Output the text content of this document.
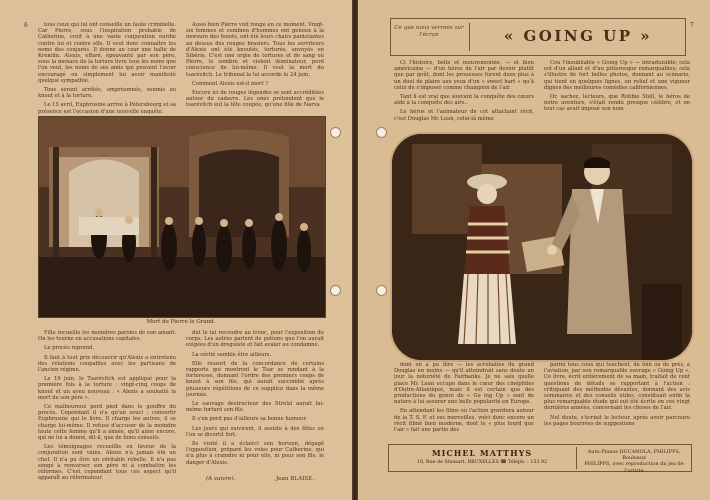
6	tous ceux qui lui ont conseillé un faute criminelle. Car Pierre, sous l'inspiration probable de Catherine, croit à une vaste conjuration ourdie contre lui et contre elle. Il veut donc connaître les noms des conjurés. Il donne au czar une halte de Kremlin. Alexis, effaré, épouvanté par son père, sous la menace de la torture livre tous les noms que l'on veut, les noms de ses amis qui peuvent l'avoir encouragé ou simplement lui avoir manifesté quelque sympathie.

Tous seront arrêtés, emprisonnés, soumis au knout et à la torture.

Le 15 avril, Euphrosine arrive à Pétersbourg et sa présence est l'occasion d'une nouvelle enquête.

Aussi bien Pierre voit rouge en ce moment. Vingt-six femmes et combien d'hommes ont genoux à la morsure des fouets, ont été leurs chairs pantelantes au dessus des rouges brasiers. Tous les serviteurs d'Alexis ont été knoutés, torturés, envoyés en Sibérie. C'est une orgie de tortures et de sang où Pierre, le sombre et violent dominateur, perd conscience de lui-même. Il veut la mort du tsarévitch. Le tribunal la lui accorde le 24 juin.

Comment Alexis est-il mort ?

Encore ici de rouges légendes se sont accréditées autour du cadavre. Les unes prétendent que le tsarévitch eut la tête coupée, qu'une fille de Narva

Mort de Pierre le Grand.

Fille recueille les moindres paroles de son amant. On les tourne en accusations capitales.

Le procès reprend.

Il faut à tout prix découvrir qu'Alexis a entretenu des relations coupables avec les partisans de l'ancien régime.

Le 19 juin, le Tsarévitch est appliqué pour la première fois à la torture : vingt-cinq coups de knout et un aveu nouveau : « Alexis a souhaité la mort de son père ».

Ce malheureux perd pied dans le gouffre du procès. Cependant il n'a qu'un souci : convertir Euphrosine qui le livre. Il charge les autres, il se charge lui-même. Il refuse d'accuser de la moindre faute cette femme qu'il a aimée, qu'il aime encore, qui ne lui a donné, dit-il, que de bons conseils.

Les témoignages recueillis en faveur de la conjuration sont vains. Alexis n'a jamais été un chef. Il n'a pu être un véritable rebelle. Il n'a pas songé à renverser son père ni à combattre les réformes. C'est cependant tous ces aspect qu'il apparaît au réformateur.

dut le lui recoudre au tronc, pour l'exposition du corps. Les autres parlent de potions que l'on aurait exigées d'un droguiste et fait avaler au condamné.

La vérité semble être ailleurs.

Elle ressort de la concordance de certains rapports qui montrent le Tsar se rendant à la forteresse, donnant l'ordre des premiers coups de knout à son fils, qui aurait succombé après plusieurs répétitions de ce supplice dans la même journée.

Le sauvage destructeur des Strelzi aurait lui-même torturé son fils.

Il s'en perd pas d'ailleurs sa bonne humeur.

Les jours qui suivirent, il assiste à des fêtes où l'on se divertit fort.

Ils visité il a éclairci son horizon, dégagé l'opposition, préparé les voies pour Catherine, qui n'a plus à craindre ni pour elle, ni pour son fils, le danger d'Alexis.

(A suivre).	Jean BLAISE.
7
Ce que nous verrons sur l'écran	« GOING UP »

Ci l'histoire, belle et mouvementée, — et bien américaine — d'un héros de l'air par devoir plutôt que par goût, dont les prouesses furent dues plus à un duel de plaire aux yeux d'un « sweet hart » qu'à celui de s'imposer comme champion de l'air.

Tant il est vrai que souvent la conquête des cœurs aide à la conquête des airs..

Le héros et l'animateur de cet attachant récit, c'est Douglas Mc Lean, celui-là même

Cou l'inoubliable « Going Up » — intraduisible; cela est d'un allant et d'un pittoresque remarquables; cela s'illustre de fort belles photos, donnant au scénario, qui tient en quelques lignes, un relief et une vigueur dignes des meilleures comédies californiennes.

Or, sachez, lecteurs, que Robbie Stell, le héros de notre aventure, s'était rendu presque célèbre, et en tout cas avait imposé son nom

dont on a pu dire — les acrobaties du grand Douglas en moins — qu'il atteindrait sans doute un jour la notoriété de Fairbanks. Je ne sais quelle place Mc Lean occupe dans le cœur des cinéphiles d'Outre-Atlantique, mais il est certain que des productions du genre de « Go ing Up » sont de nature à lui assurer une belle popularité en Europe.

En attendant les films où l'action gravitera autour de la T. S. F. et ses merveilles, voici donc encore un récit filmé bien moderne, dont le « plus lourd que l'air » fait une partie des

parmi tous ceux qui touchent, de loin ou de près, à l'aviation, par son remarquable ouvrage « Going Up ». Ce livre, écrit entièrement de sa main, traitait de cent questions de détails se rapportant à l'action : critiquant des méthodes désuètes, donnant des avis sommaires et des conseils utiles, constituait enfin la plus remarquable étude qui eut été écrite en ces vingt dernières années, concernant les choses de l'air.

Nul doute, s'écriait le lecteur, après avoir parcouru les pages bourrées de suggestions

MICHEL MATTHYS
18, Rue de Stassart, BRUXELLES ☎ Téléph. : 153.92
Auto-Pianos DUCANOLA, PHILIPPS, Rouleaux
PHILIPPS, avec reproduction du jeu de l'artiste
